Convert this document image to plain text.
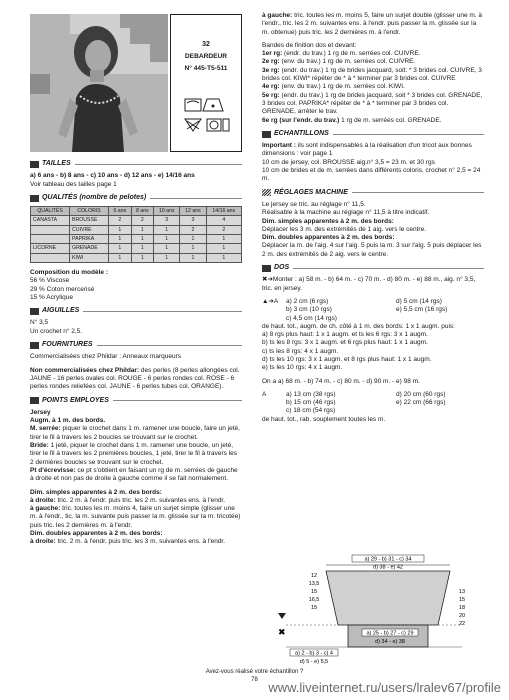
32
DEBARDEUR
N° 445-T5-511
TAILLES

a) 6 ans - b) 8 ans - c) 10 ans - d) 12 ans - e) 14/16 ans

Voir tableau des tailles page 1

QUALITÉS (nombre de pelotes)
QUALITÉS	COLORIS	6 ans	8 ans	10 ans	12 ans	14/16 ans
CANASTA	BROUSSE	2	2	3	3	4
	CUIVRE	1	1	1	2	2
	PAPRIKA	1	1	1	1	1
LICORNE	GRENADE	1	1	1	1	1
	KIWI	1	1	1	1	1

Composition du modèle :

56 % Viscose

29 % Coton mercerisé

15 % Acrylique

AIGUILLES

N° 3,5

Un crochet n° 2,5.

FOURNITURES

Commercialisées chez Phildar : Anneaux marqueurs

Non commercialisées chez Phildar: des perles (8 perles allongées col. JAUNE - 16 perles ovales col. ROUGE - 6 perles rondes col. ROSE - 6 perles rondes reliefées col. JAUNE - 6 perles tubes col. ORANGE).

POINTS EMPLOYES

Jersey

Augm. à 1 m. des bords.

M. serrée: piquer le crochet dans 1 m. ramener une boucle, faire un jeté, tirer le fil à travers les 2 boucles se trouvant sur le crochet.

Bride: 1 jeté, piquer le crochet dans 1 m. ramener une boucle, un jeté, tirer le fil à travers les 2 premières boucles, 1 jeté, tirer le fil à travers les 2 dernières boucles se trouvant sur le crochet.

Pt d'écrevisse: ce pt s'obtient en faisant un rg de m. serrées de gauche à droite et non pas de droite à gauche comme il se fait normalement.

Dim. simples apparentes à 2 m. des bords:

à droite: tric. 2 m. à l'endr. puis tric. les 2 m. suivantes ens. à l'endr.

à gauche: tric. toutes les m. moins 4, faire un surjet simple (glisser une m. à l'endr., tic. la m. suivante puis passer la m. glissée sur la m. tricotée) puis tric. les 2 dernières m. à l'endr.

Dim. doubles apparentes à 2 m. des bords:

à droite: tric. 2 m. à l'endr. puis tric. les 3 m. suivantes ens. à l'endr.

à gauche: tric. toutes les m. moins 5, faire un surjet double (glisser une m. à l'endr., tric. les 2 m. suivantes ens. à l'endr. puis passer la m. glissée sur la m. obtenue) puis tric. les 2 dernières m. à l'endr.

Bandes de finition dos et devant:

1er rg: (endr. du trav.) 1 rg de m. serrées col. CUIVRE.

2e rg: (env. du trav.) 1 rg de m. serrées col. CUIVRE.

3e rg: (endr. du trav.) 1 rg de brides jacquard, soit: * 3 brides col. CUIVRE, 3 brides col. KIWI* répéter de * à * terminer par 3 brides col. CUIVRE

4e rg: (env. du trav.) 1 rg de m. serrées col. KIWI.

5e rg: (endr. du trav.) 1 rg de brides jacquard, soit * 3 brides col. GRENADE, 3 brides col. PAPRIKA* répéter de * à * terminer par 3 brides col. GRENADE, arrêter le trav.

6e rg (sur l'endr. du trav.) 1 rg de m. serrées col. GRENADE.

ECHANTILLONS

Important : ils sont indispensables à la réalisation d'un tricot aux bonnes dimensions : voir page 1

10 cm de jersey, col. BROUSSE aig.n° 3,5 = 23 m. et 30 rgs

10 cm de brides et de m. serrées dans différents coloris, crochet n° 2,5 = 24 m.

RÉGLAGES MACHINE

Le jersey se tric. au réglage n° 11,5.

Réalisable à la machine au réglage n° 11,5 à titre indicatif.

Dim. simples apparentes à 2 m. des bords:

Déplacer les 3 m. des extrémités de 1 aig. vers le centre.

Dim. doubles apparentes à 2 m. des bords:

Déplacer la m. de l'aig. 4 sur l'aig. 5 puis la m. 3 sur l'aig. 5 puis déplacer les 2 m. des extrémités de 2 aig. vers le centre.

DOS

✖➔Monter : a) 58 m. - b) 64 m. - c) 70 m. - d) 80 m. - e) 88 m., aig. n° 3,5, tric. en jersey.

▲➔A	a) 2 cm (6 rgs)	d) 5 cm (14 rgs)
b) 3 cm (10 rgs)	e) 5,5 cm (16 rgs)
c) 4,5 cm (14 rgs)

de haut. tot., augm. de ch. côté à 1 m. des bords: 1 x 1 augm. puis:

a) 8 rgs plus haut: 1 x 1 augm. et ts les 6 rgs: 3 x 1 augm.

b) ts les 8 rgs: 3 x 1 augm. et 6 rgs plus haut: 1 x 1 augm.

c) ts les 8 rgs: 4 x 1 augm.

d) ts les 10 rgs: 3 x 1 augm. et 8 rgs plus haut: 1 x 1 augm.

e) ts les 10 rgs: 4 x 1 augm.

On a a) 68 m. - b) 74 m. - c) 80 m. - d) 90 m. - e) 98 m.

A	a) 13 cm (38 rgs)	d) 20 cm (60 rgs)
b) 15 cm (46 rgs)	e) 22 cm (66 rgs)
c) 18 cm (54 rgs)

de haut. tot., rab. souplement toutes les m.

a) 29 - b) 31 - c) 34
d) 38 - e) 42
a) 25 - b) 27 - c) 29
d) 34 - e) 38
12
13,5
15
16,5
15
13
15
18
20
22
✖
a) 2 - b) 3 - c) 4
d) 5 - e) 5,5
Avez-vous réalisé votre échantillon ?
78 www.liveinternet.ru/users/lralev67/profile
